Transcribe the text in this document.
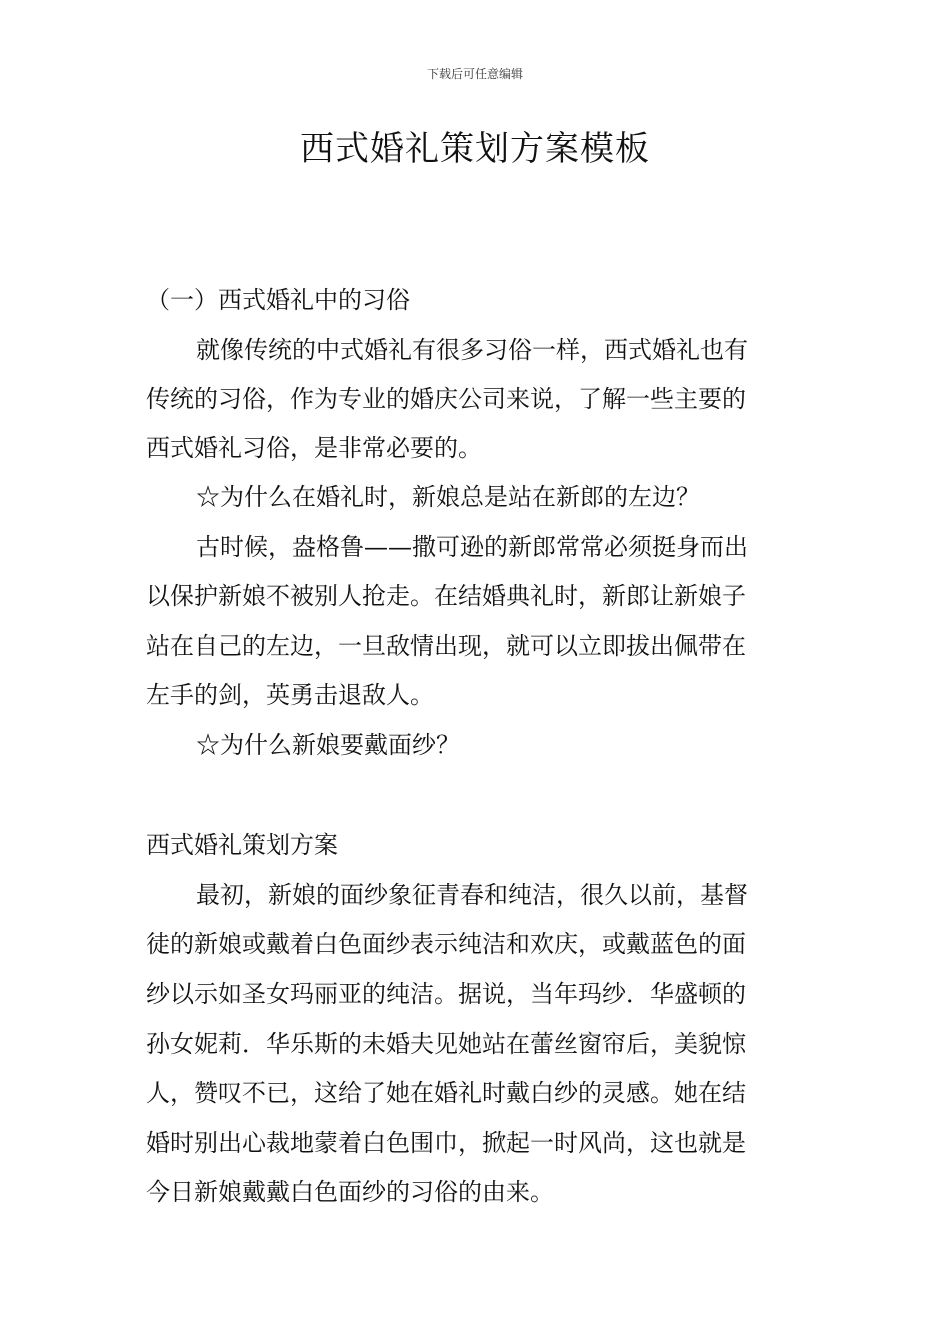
下载后可任意编辑
西式婚礼策划方案模板

（一）西式婚礼中的习俗

就像传统的中式婚礼有很多习俗一样，西式婚礼也有

传统的习俗，作为专业的婚庆公司来说，了解一些主要的

西式婚礼习俗，是非常必要的。

☆为什么在婚礼时，新娘总是站在新郎的左边？

古时候，盎格鲁——撒可逊的新郎常常必须挺身而出

以保护新娘不被别人抢走。在结婚典礼时，新郎让新娘子

站在自己的左边，一旦敌情出现，就可以立即拔出佩带在

左手的剑，英勇击退敌人。

☆为什么新娘要戴面纱？

西式婚礼策划方案

最初，新娘的面纱象征青春和纯洁，很久以前，基督

徒的新娘或戴着白色面纱表示纯洁和欢庆，或戴蓝色的面

纱以示如圣女玛丽亚的纯洁。据说，当年玛纱．华盛顿的

孙女妮莉．华乐斯的未婚夫见她站在蕾丝窗帘后，美貌惊

人，赞叹不已，这给了她在婚礼时戴白纱的灵感。她在结

婚时别出心裁地蒙着白色围巾，掀起一时风尚，这也就是

今日新娘戴戴白色面纱的习俗的由来。
